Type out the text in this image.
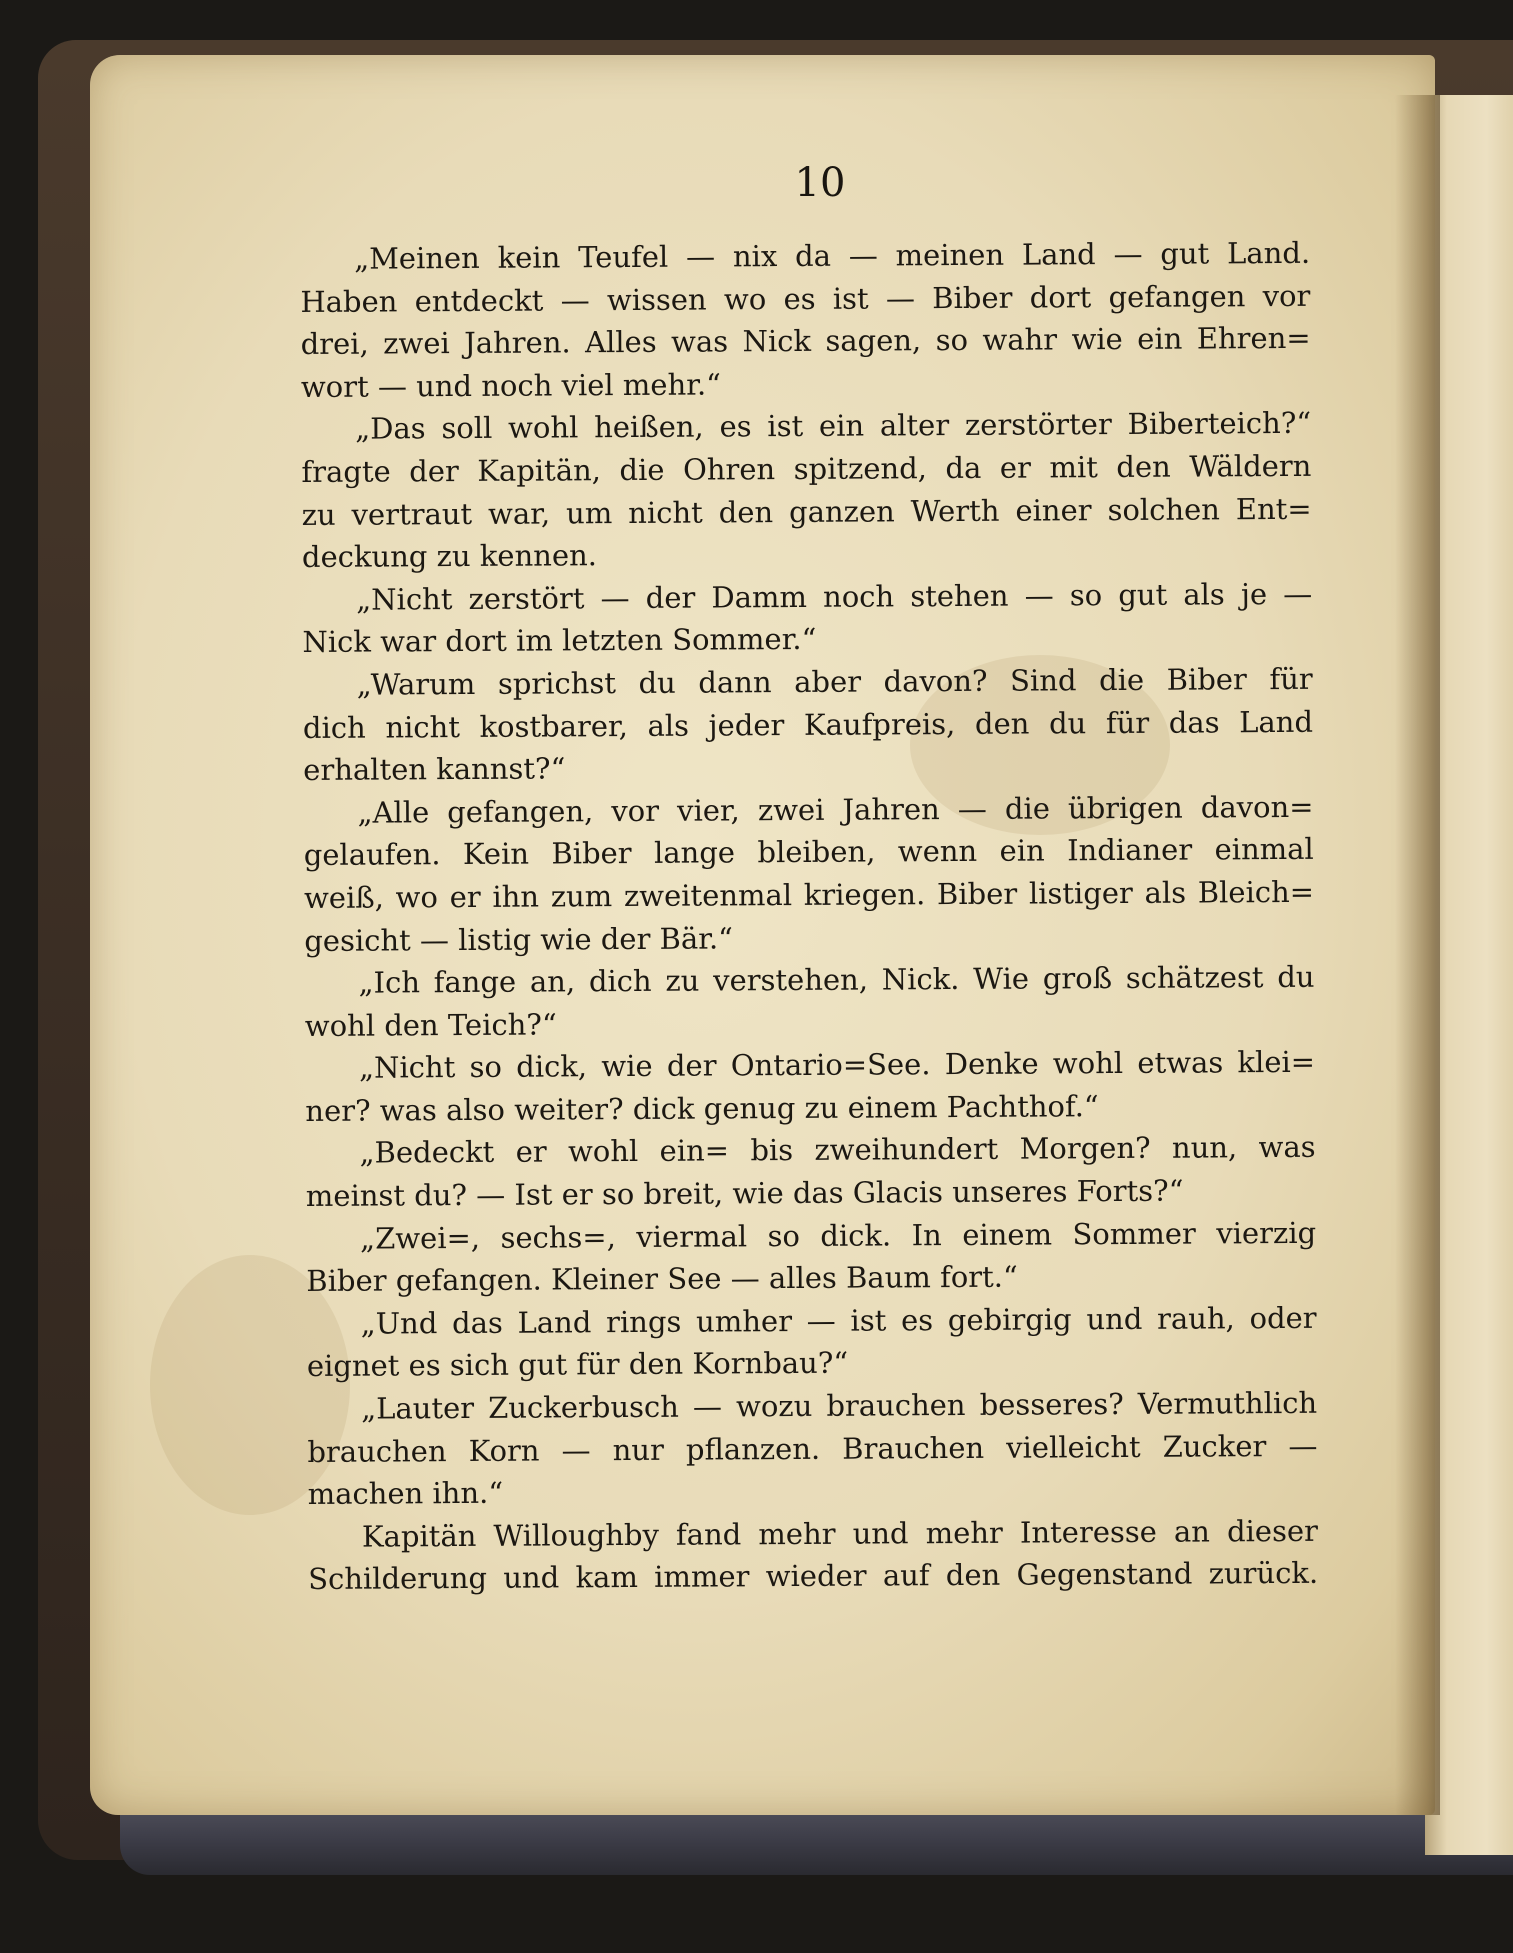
10
„Meinen kein Teufel — nix da — meinen Land — gut Land.
Haben entdeckt — wissen wo es ist — Biber dort gefangen vor
drei, zwei Jahren. Alles was Nick sagen, so wahr wie ein Ehren=
wort — und noch viel mehr.“
„Das soll wohl heißen, es ist ein alter zerstörter Biberteich?“
fragte der Kapitän, die Ohren spitzend, da er mit den Wäldern
zu vertraut war, um nicht den ganzen Werth einer solchen Ent=
deckung zu kennen.
„Nicht zerstört — der Damm noch stehen — so gut als je —
Nick war dort im letzten Sommer.“
„Warum sprichst du dann aber davon? Sind die Biber für
dich nicht kostbarer, als jeder Kaufpreis, den du für das Land
erhalten kannst?“
„Alle gefangen, vor vier, zwei Jahren — die übrigen davon=
gelaufen. Kein Biber lange bleiben, wenn ein Indianer einmal
weiß, wo er ihn zum zweitenmal kriegen. Biber listiger als Bleich=
gesicht — listig wie der Bär.“
„Ich fange an, dich zu verstehen, Nick. Wie groß schätzest du
wohl den Teich?“
„Nicht so dick, wie der Ontario=See. Denke wohl etwas klei=
ner? was also weiter? dick genug zu einem Pachthof.“
„Bedeckt er wohl ein= bis zweihundert Morgen? nun, was
meinst du? — Ist er so breit, wie das Glacis unseres Forts?“
„Zwei=, sechs=, viermal so dick. In einem Sommer vierzig
Biber gefangen. Kleiner See — alles Baum fort.“
„Und das Land rings umher — ist es gebirgig und rauh, oder
eignet es sich gut für den Kornbau?“
„Lauter Zuckerbusch — wozu brauchen besseres? Vermuthlich
brauchen Korn — nur pflanzen. Brauchen vielleicht Zucker —
machen ihn.“
Kapitän Willoughby fand mehr und mehr Interesse an dieser
Schilderung und kam immer wieder auf den Gegenstand zurück.
